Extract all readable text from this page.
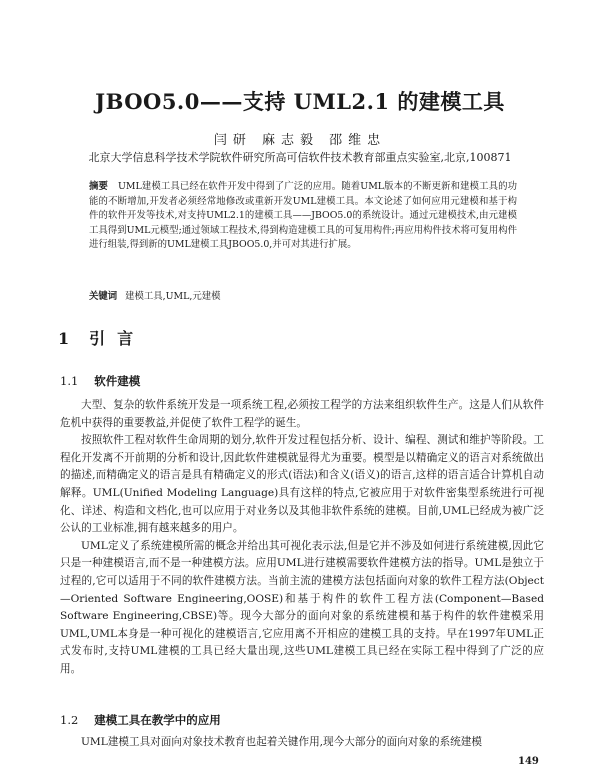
JBOO5.0——支持 UML2.1 的建模工具
闫研 麻志毅 邵维忠
北京大学信息科学技术学院软件研究所高可信软件技术教育部重点实验室,北京,100871
摘要 UML建模工具已经在软件开发中得到了广泛的应用。随着UML版本的不断更新和建模工具的功能的不断增加,开发者必须经常地修改或重新开发UML建模工具。本文论述了如何应用元建模和基于构件的软件开发等技术,对支持UML2.1的建模工具——JBOO5.0的系统设计。通过元建模技术,由元建模工具得到UML元模型;通过领域工程技术,得到构造建模工具的可复用构件;再应用构件技术将可复用构件进行组装,得到新的UML建模工具JBOO5.0,并可对其进行扩展。
关键词 建模工具,UML,元建模
1 引言
1.1 软件建模

大型、复杂的软件系统开发是一项系统工程,必须按工程学的方法来组织软件生产。这是人们从软件危机中获得的重要教益,并促使了软件工程学的诞生。

按照软件工程对软件生命周期的划分,软件开发过程包括分析、设计、编程、测试和维护等阶段。工程化开发离不开前期的分析和设计,因此软件建模就显得尤为重要。模型是以精确定义的语言对系统做出的描述,而精确定义的语言是具有精确定义的形式(语法)和含义(语义)的语言,这样的语言适合计算机自动解释。UML(Unified Modeling Language)具有这样的特点,它被应用于对软件密集型系统进行可视化、详述、构造和文档化,也可以应用于对业务以及其他非软件系统的建模。目前,UML已经成为被广泛公认的工业标准,拥有越来越多的用户。

UML定义了系统建模所需的概念并给出其可视化表示法,但是它并不涉及如何进行系统建模,因此它只是一种建模语言,而不是一种建模方法。应用UML进行建模需要软件建模方法的指导。UML是独立于过程的,它可以适用于不同的软件建模方法。当前主流的建模方法包括面向对象的软件工程方法(Object—Oriented Software Engineering,OOSE)和基于构件的软件工程方法(Component—Based Software Engineering,CBSE)等。现今大部分的面向对象的系统建模和基于构件的软件建模采用UML,UML本身是一种可视化的建模语言,它应用离不开相应的建模工具的支持。早在1997年UML正式发布时,支持UML建模的工具已经大量出现,这些UML建模工具已经在实际工程中得到了广泛的应用。

1.2 建模工具在教学中的应用

UML建模工具对面向对象技术教育也起着关键作用,现今大部分的面向对象的系统建模

149
